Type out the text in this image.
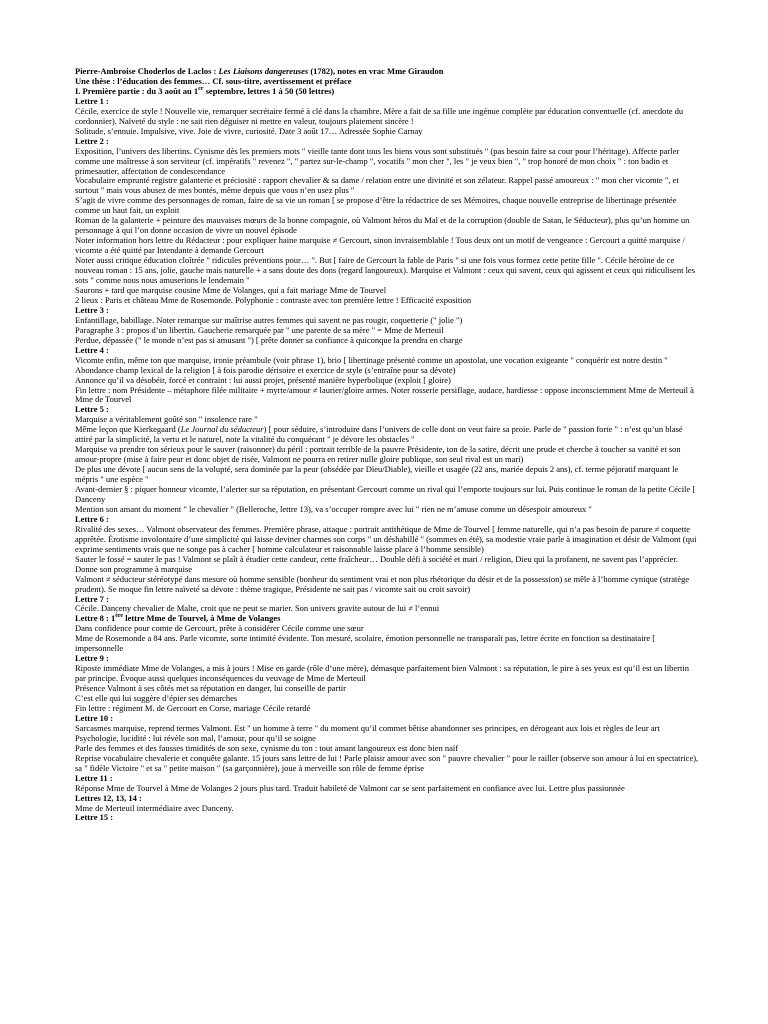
Pierre-Ambroise Choderlos de Laclos : Les Liaisons dangereuses (1782), notes en vrac Mme Giraudon

Une thèse : l’éducation des femmes… Cf. sous-titre, avertissement et préface

I. Première partie : du 3 août au 1er septembre, lettres 1 à 50 (50 lettres)

Lettre 1 :

Cécile, exercice de style ! Nouvelle vie, remarquer secrétaire fermé à clé dans la chambre. Mère a fait de sa fille une ingénue complète par éducation conventuelle (cf. anecdote du cordonnier). Naïveté du style : ne sait rien déguiser ni mettre en valeur, toujours platement sincère !

Solitude, s’ennuie. Impulsive, vive. Joie de vivre, curiosité. Date 3 août 17… Adressée Sophie Carnay

Lettre 2 :

Exposition, l’univers des libertins. Cynisme dès les premiers mots " vieille tante dont tous les biens vous sont substitués " (pas besoin faire sa cour pour l’héritage). Affecte parler comme une maîtresse à son serviteur (cf. impératifs " revenez ", " partez sur-le-champ ", vocatifs " mon cher ", les " je veux bien ", " trop honoré de mon choix " : ton badin et primesautier, affectation de condescendance

Vocabulaire emprunté registre galanterie et préciosité : rapport chevalier & sa dame / relation entre une divinité et son zélateur. Rappel passé amoureux : " mon cher vicomte ", et surtout " mais vous abusez de mes bontés, même depuis que vous n’en usez plus "

S’agit de vivre comme des personnages de roman, faire de sa vie un roman [ se propose d’être la rédactrice de ses Mémoires, chaque nouvelle entreprise de libertinage présentée comme un haut fait, un exploit

Roman de la galanterie + peinture des mauvaises mœurs de la bonne compagnie, où Valmont héros du Mal et de la corruption (double de Satan, le Séducteur), plus qu’un homme un personnage à qui l’on donne occasion de vivre un nouvel épisode

Noter information hors lettre du Rédacteur : pour expliquer haine marquise ≠ Gercourt, sinon invraisemblable ! Tous deux ont un motif de vengeance : Gercourt a quitté marquise / vicomte a été quitté par Intendante à demande Gercourt

Noter aussi critique éducation cloîtrée " ridicules préventions pour… ". But [ faire de Gercourt la fable de Paris " si une fois vous formez cette petite fille ". Cécile héroïne de ce nouveau roman : 15 ans, jolie, gauche mais naturelle + a sans doute des dons (regard langoureux). Marquise et Valmont : ceux qui savent, ceux qui agissent et ceux qui ridiculisent les sots " comme nous nous amuserions le lendemain "

Saurons + tard que marquise cousine Mme de Volanges, qui a fait mariage Mme de Tourvel

2 lieux : Paris et château Mme de Rosemonde. Polyphonie : contraste avec ton première lettre ! Efficacité exposition

Lettre 3 :

Enfantillage, babillage. Noter remarque sur maîtrise autres femmes qui savent ne pas rougir, coquetterie (" jolie ")

Paragraphe 3 : propos d’un libertin. Gaucherie remarquée par " une parente de sa mère " = Mme de Merteuil

Perdue, dépassée (" le monde n’est pas si amusant ") [ prête donner sa confiance à quiconque la prendra en charge

Lettre 4 :

Vicomte enfin, même ton que marquise, ironie préambule (voir phrase 1), brio [ libertinage présenté comme un apostolat, une vocation exigeante " conquérir est notre destin "

Abondance champ lexical de la religion [ à fois parodie dérisoire et exercice de style (s’entraîne pour sa dévote)

Annonce qu’il va désobéir, forcé et contraint : lui aussi projet, présenté manière hyperbolique (exploit [ gloire)

Fin lettre : nom Présidente – métaphore filée militaire + myrte/amour ≠ laurier/gloire armes. Noter rosserie persiflage, audace, hardiesse : oppose inconsciemment Mme de Merteuil à Mme de Tourvel

Lettre 5 :

Marquise a véritablement goûté son " insolence rare "

Même leçon que Kierkegaard (Le Journal du séducteur) [ pour séduire, s’introduire dans l’univers de celle dont on veut faire sa proie. Parle de " passion forte " : n’est qu’un blasé attiré par la simplicité, la vertu et le naturel, note la vitalité du conquérant " je dévore les obstacles "

Marquise va prendre ton sérieux pour le sauver (raisonner) du péril : portrait terrible de la pauvre Présidente, ton de la satire, décrit une prude et cherche à toucher sa vanité et son amour-propre (mise à faire peur et donc objet de risée, Valmont ne pourra en retirer nulle gloire publique, son seul rival est un mari)

De plus une dévote [ aucun sens de la volupté, sera dominée par la peur (obsédée par Dieu/Diable), vieille et usagée (22 ans, mariée depuis 2 ans), cf. terme péjoratif marquant le mépris " une espèce "

Avant-dernier § : piquer honneur vicomte, l’alerter sur sa réputation, en présentant Gercourt comme un rival qui l’emporte toujours sur lui. Puis continue le roman de la petite Cécile [ Danceny

Mention son amant du moment " le chevalier " (Belleroche, lettre 13), va s’occuper rompre avec lui " rien ne m’amuse comme un désespoir amoureux "

Lettre 6 :

Rivalité des sexes… Valmont observateur des femmes. Première phrase, attaque : portrait antithétique de Mme de Tourvel [ femme naturelle, qui n’a pas besoin de parure ≠ coquette apprêtée. Érotisme involontaire d’une simplicité qui laisse deviner charmes son corps " un déshabillé " (sommes en été), sa modestie vraie parle à imagination et désir de Valmont (qui exprime sentiments vrais que ne songe pas à cacher [ homme calculateur et raisonnable laisse place à l’homme sensible)

Sauter le fossé = sauter le pas ! Valmont se plaît à étudier cette candeur, cette fraîcheur… Double défi à société et mari / religion, Dieu qui la profanent, ne savent pas l’apprécier. Donne son programme à marquise

Valmont ≠ séducteur stéréotypé dans mesure où homme sensible (bonheur du sentiment vrai et non plus rhétorique du désir et de la possession) se mêle à l’homme cynique (stratège prudent). Se moque fin lettre naïveté sa dévote : thème tragique, Présidente ne sait pas / vicomte sait ou croit savoir)

Lettre 7 :

Cécile. Danceny chevalier de Malte, croit que ne peut se marier. Son univers gravite autour de lui ≠ l’ennui

Lettre 8 : 1ère lettre Mme de Tourvel, à Mme de Volanges

Dans confidence pour comte de Gercourt, prête à considérer Cécile comme une sœur

Mme de Rosemonde a 84 ans. Parle vicomte, sorte intimité évidente. Ton mesuré, scolaire, émotion personnelle ne transparaît pas, lettre écrite en fonction sa destinataire [ impersonnelle

Lettre 9 :

Riposte immédiate Mme de Volanges, a mis à jours ! Mise en garde (rôle d’une mère), démasque parfaitement bien Valmont : sa réputation, le pire à ses yeux est qu’il est un libertin par principe. Évoque aussi quelques inconséquences du veuvage de Mme de Merteuil

Présence Valmont à ses côtés met sa réputation en danger, lui conseille de partir

C’est elle qui lui suggère d’épier ses démarches

Fin lettre : régiment M. de Gercourt en Corse, mariage Cécile retardé

Lettre 10 :

Sarcasmes marquise, reprend termes Valmont. Est " un homme à terre " du moment qu’il commet bêtise abandonner ses principes, en dérogeant aux lois et règles de leur art

Psychologie, lucidité : lui révèle son mal, l’amour, pour qu’il se soigne

Parle des femmes et des fausses timidités de son sexe, cynisme du ton : tout amant langoureux est donc bien naïf

Reprise vocabulaire chevalerie et conquête galante. 15 jours sans lettre de lui ! Parle plaisir amour avec son " pauvre chevalier " pour le railler (observe son amour à lui en spectatrice), sa " fidèle Victoire " et sa " petite maison " (sa garçonnière), joue à merveille son rôle de femme éprise

Lettre 11 :

Réponse Mme de Tourvel à Mme de Volanges 2 jours plus tard. Traduit habileté de Valmont car se sent parfaitement en confiance avec lui. Lettre plus passionnée

Lettres 12, 13, 14 :

Mme de Merteuil intermédiaire avec Danceny.

Lettre 15 :
